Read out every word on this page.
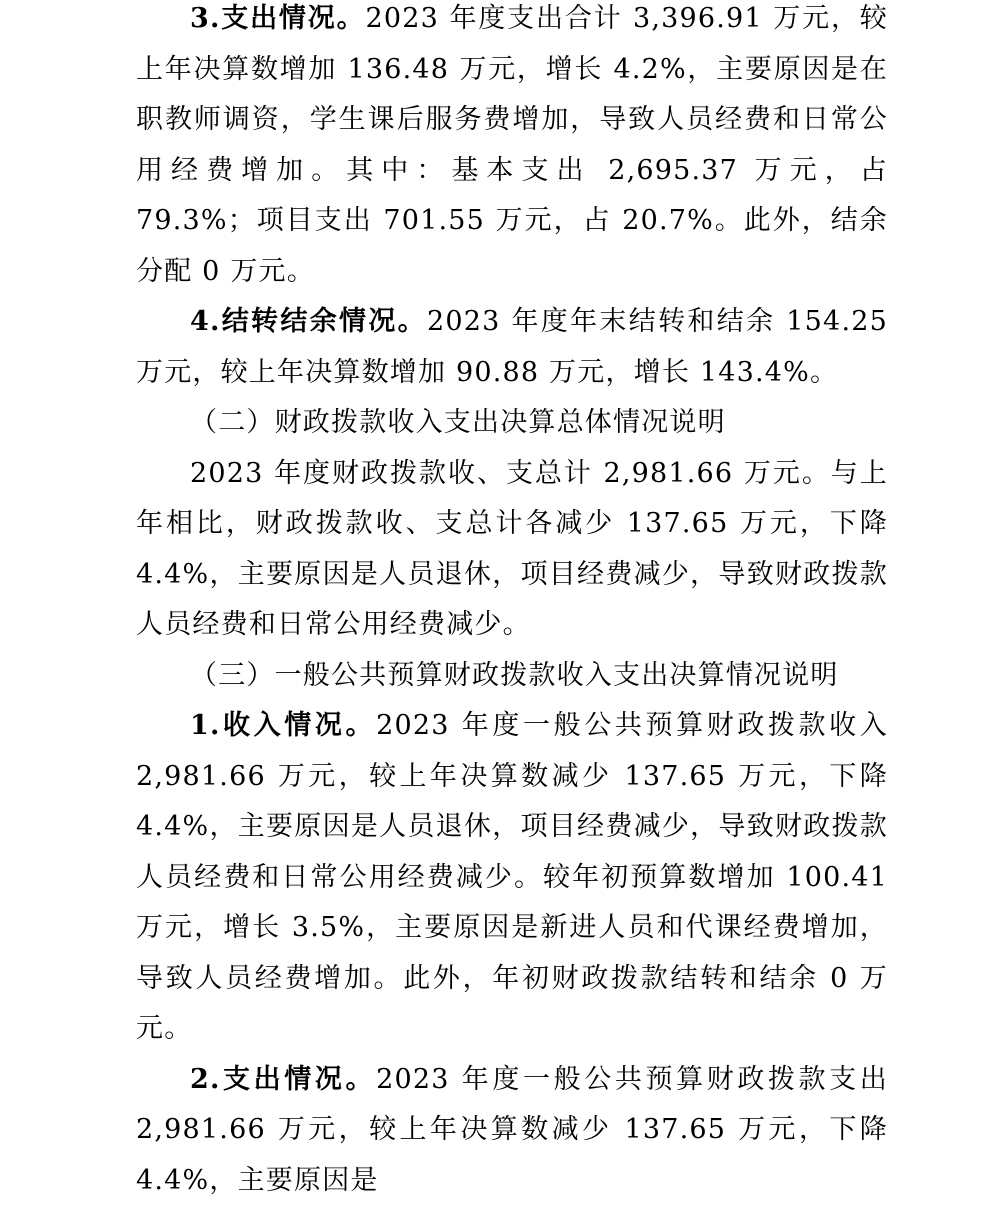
3.支出情况。2023 年度支出合计 3,396.91 万元，较上年决算数增加 136.48 万元，增长 4.2%，主要原因是在职教师调资，学生课后服务费增加，导致人员经费和日常公用经费增加。其中：基本支出 2,695.37 万元，占 79.3%；项目支出 701.55 万元，占 20.7%。此外，结余分配 0 万元。

4.结转结余情况。2023 年度年末结转和结余 154.25 万元，较上年决算数增加 90.88 万元，增长 143.4%。

（二）财政拨款收入支出决算总体情况说明

2023 年度财政拨款收、支总计 2,981.66 万元。与上年相比，财政拨款收、支总计各减少 137.65 万元，下降 4.4%，主要原因是人员退休，项目经费减少，导致财政拨款人员经费和日常公用经费减少。

（三）一般公共预算财政拨款收入支出决算情况说明

1.收入情况。2023 年度一般公共预算财政拨款收入 2,981.66 万元，较上年决算数减少 137.65 万元，下降 4.4%，主要原因是人员退休，项目经费减少，导致财政拨款人员经费和日常公用经费减少。较年初预算数增加 100.41 万元，增长 3.5%，主要原因是新进人员和代课经费增加，导致人员经费增加。此外，年初财政拨款结转和结余 0 万元。

2.支出情况。2023 年度一般公共预算财政拨款支出 2,981.66 万元，较上年决算数减少 137.65 万元，下降 4.4%，主要原因是
